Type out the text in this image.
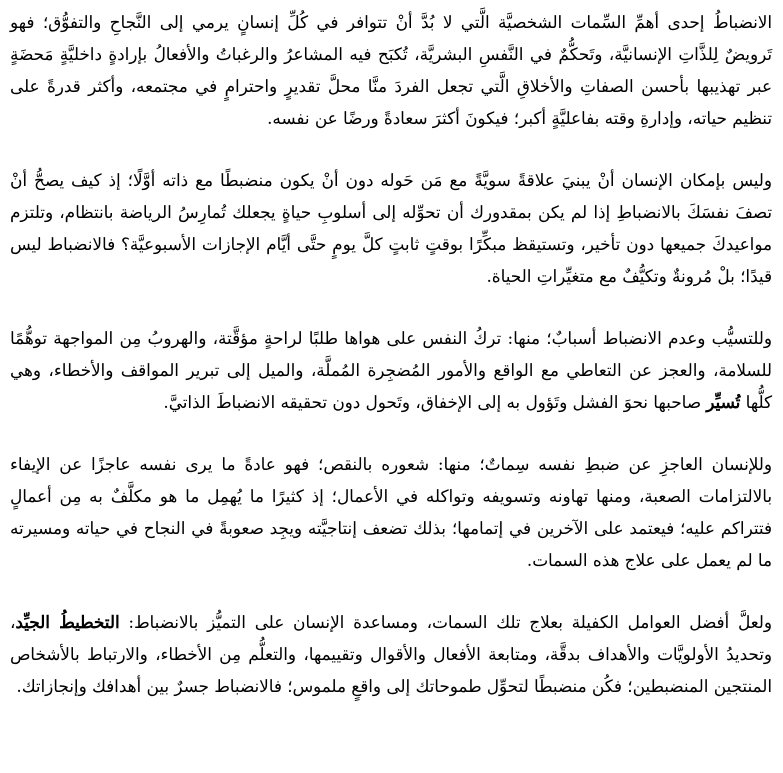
الانضباطُ إحدى أهمِّ السِّمات الشخصيَّة الَّتي لا بُدَّ أنْ تتوافر في كُلِّ إنسانٍ يرمي إلى النَّجاحِ والتفوُّق؛ فهو تَرويضٌ لِلذَّاتِ الإنسانيَّة، وتَحكُّمٌ في النَّفسِ البشريَّة، تُكبَح فيه المشاعرُ والرغباتُ والأفعالُ بإرادةٍ داخليَّةٍ مَحضَةٍ عبر تهذيبها بأحسن الصفاتِ والأخلاقِ الَّتي تجعل الفردَ منَّا محلَّ تقديرٍ واحترامٍ في مجتمعه، وأكثر قدرةً على تنظيم حياته، وإدارةِ وقته بفاعليَّةٍ أكبر؛ فيكونَ أكثرَ سعادةً ورضًا عن نفسه.

وليس بإمكان الإنسان أنْ يبنيَ علاقةً سويَّةً مع مَن حَوله دون أنْ يكون منضبطًا مع ذاته أوَّلًا؛ إذ كيف يصحُّ أنْ تصفَ نفسَكَ بالانضباطِ إذا لم يكن بمقدورك أن تحوِّله إلى أسلوبِ حياةٍ يجعلك تُمارِسُ الرياضة بانتظام، وتلتزم مواعيدكَ جميعها دون تأخير، وتستيقظ مبكِّرًا بوقتٍ ثابتٍ كلَّ يومٍ حتَّى أيَّام الإجازات الأسبوعيَّة؟ فالانضباط ليس قيدًا؛ بلْ مُرونةٌ وتكيُّفٌ مع متغيِّراتِ الحياة.

وللتسيُّب وعدم الانضباط أسبابٌ؛ منها: تركُ النفس على هواها طلبًا لراحةٍ مؤقَّتة، والهروبُ مِن المواجهة توهُّمًا للسلامة، والعجز عن التعاطي مع الواقع والأمور المُضجِرة المُملَّة، والميل إلى تبرير المواقف والأخطاء، وهي كلُّها تُسيِّر صاحبها نحوَ الفشل وتَؤول به إلى الإخفاق، وتَحول دون تحقيقه الانضباطَ الذاتيَّ.

وللإنسان العاجزِ عن ضبطِ نفسه سِماتٌ؛ منها: شعوره بالنقص؛ فهو عادةً ما يرى نفسه عاجزًا عن الإيفاء بالالتزامات الصعبة، ومنها تهاونه وتسويفه وتواكله في الأعمال؛ إذ كثيرًا ما يُهمِل ما هو مكلَّفٌ به مِن أعمالٍ فتتراكم عليه؛ فيعتمد على الآخرين في إتمامها؛ بذلك تضعف إنتاجيَّته ويجِد صعوبةً في النجاح في حياته ومسيرته ما لم يعمل على علاج هذه السمات.

ولعلَّ أفضل العوامل الكفيلة بعلاج تلك السمات، ومساعدة الإنسان على التميُّز بالانضباط: التخطيطُ الجيِّد، وتحديدُ الأولويَّات والأهداف بدقَّة، ومتابعة الأفعال والأقوال وتقييمها، والتعلُّم مِن الأخطاء، والارتباط بالأشخاص المنتجين المنضبطين؛ فكُن منضبطًا لتحوِّل طموحاتك إلى واقعٍ ملموس؛ فالانضباط جسرٌ بين أهدافك وإنجازاتك.
